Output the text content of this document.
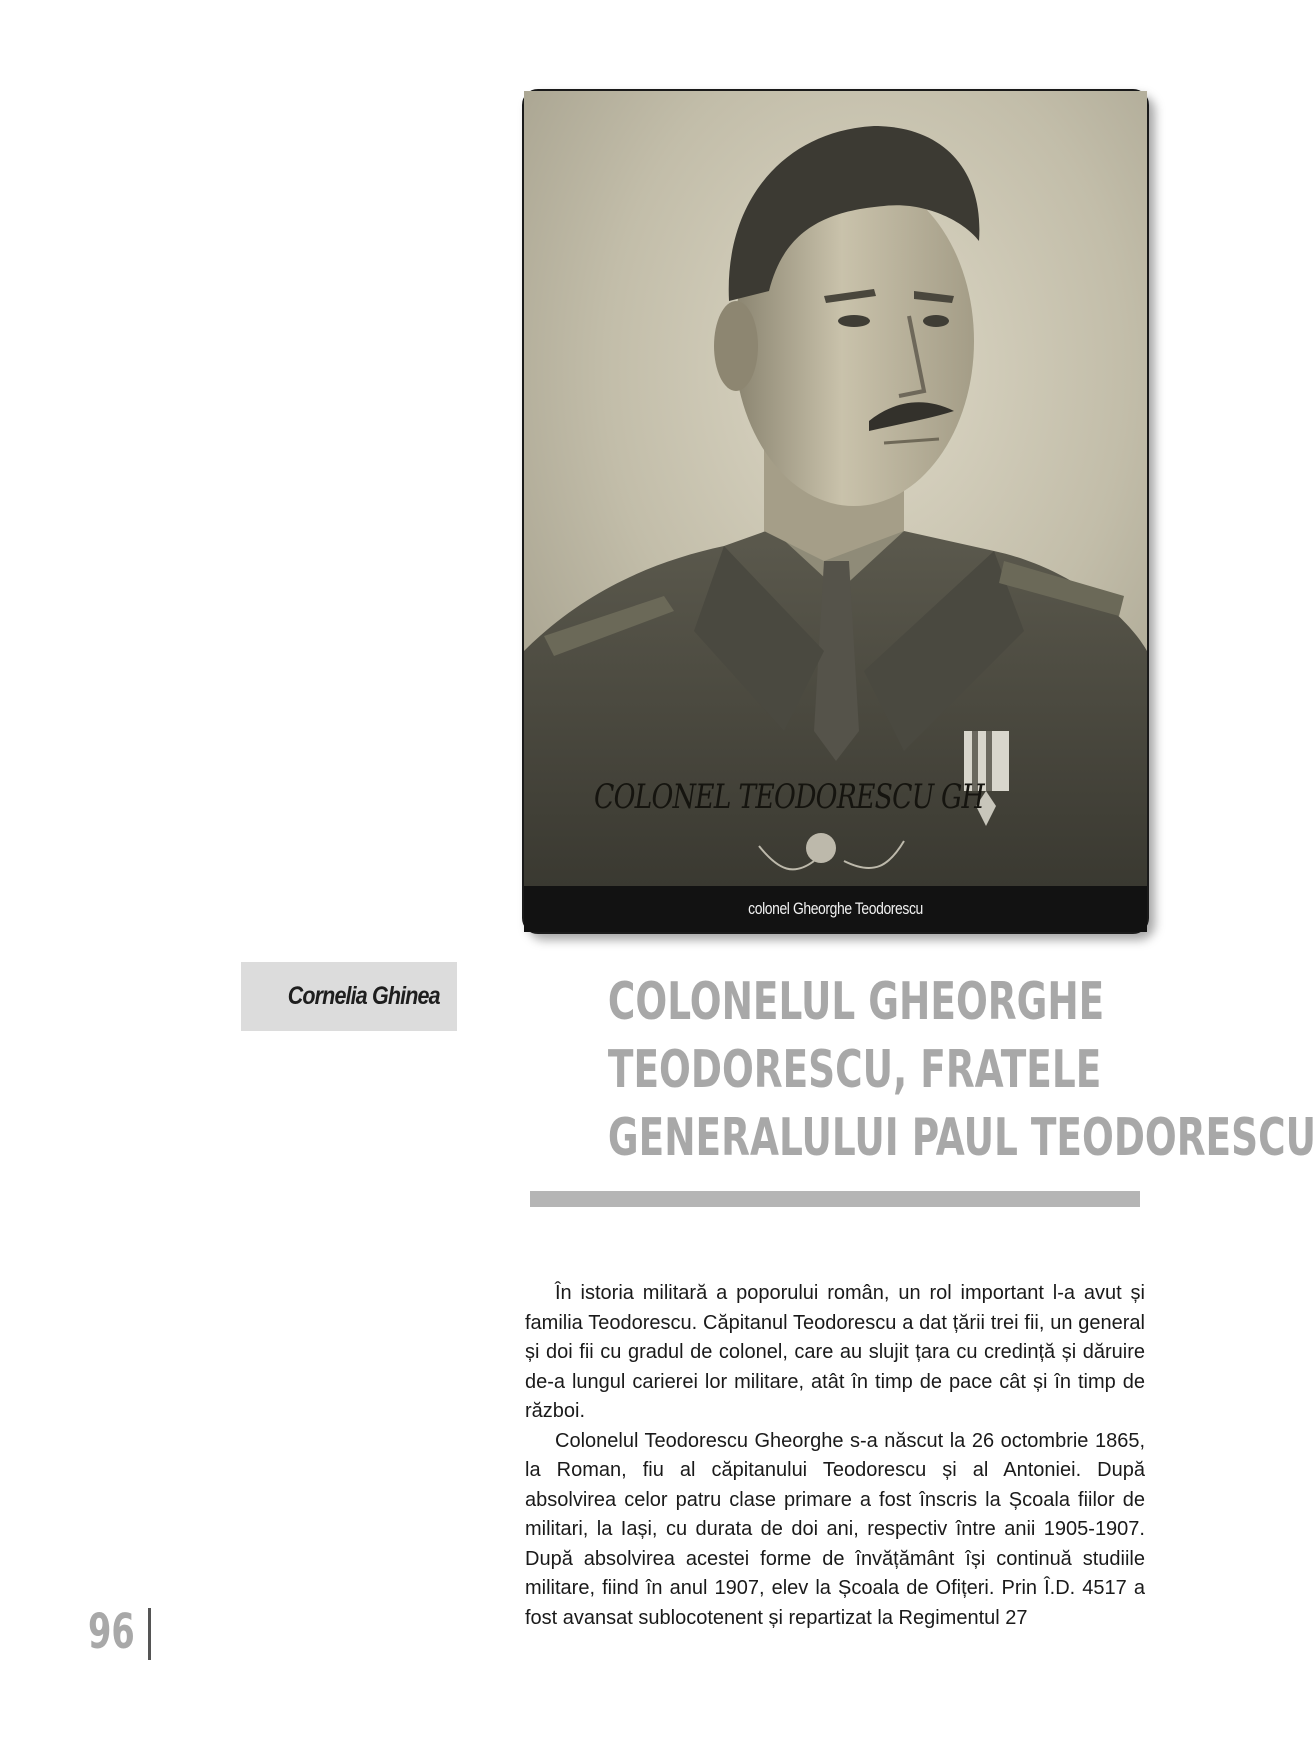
COLONEL TEODORESCU GH
colonel Gheorghe Teodorescu
Cornelia Ghinea	COLONELUL GHEORGHE
TEODORESCU, FRATELE
GENERALULUI PAUL TEODORESCU

În istoria militară a poporului român, un rol important l-a avut și familia Teodorescu. Căpitanul Teodorescu a dat țării trei fii, un general și doi fii cu gradul de colonel, care au slujit țara cu credință și dăruire de-a lungul carierei lor militare, atât în timp de pace cât și în timp de război.

Colonelul Teodorescu Gheorghe s-a născut la 26 octombrie 1865, la Roman, fiu al căpitanului Teodorescu și al Antoniei. După absolvirea celor patru clase primare a fost înscris la Școala fiilor de militari, la Iași, cu durata de doi ani, respectiv între anii 1905-1907. După absolvirea acestei forme de învățământ își continuă studiile militare, fiind în anul 1907, elev la Școala de Ofițeri. Prin Î.D. 4517 a fost avansat sublocotenent și repartizat la Regimentul 27

96
